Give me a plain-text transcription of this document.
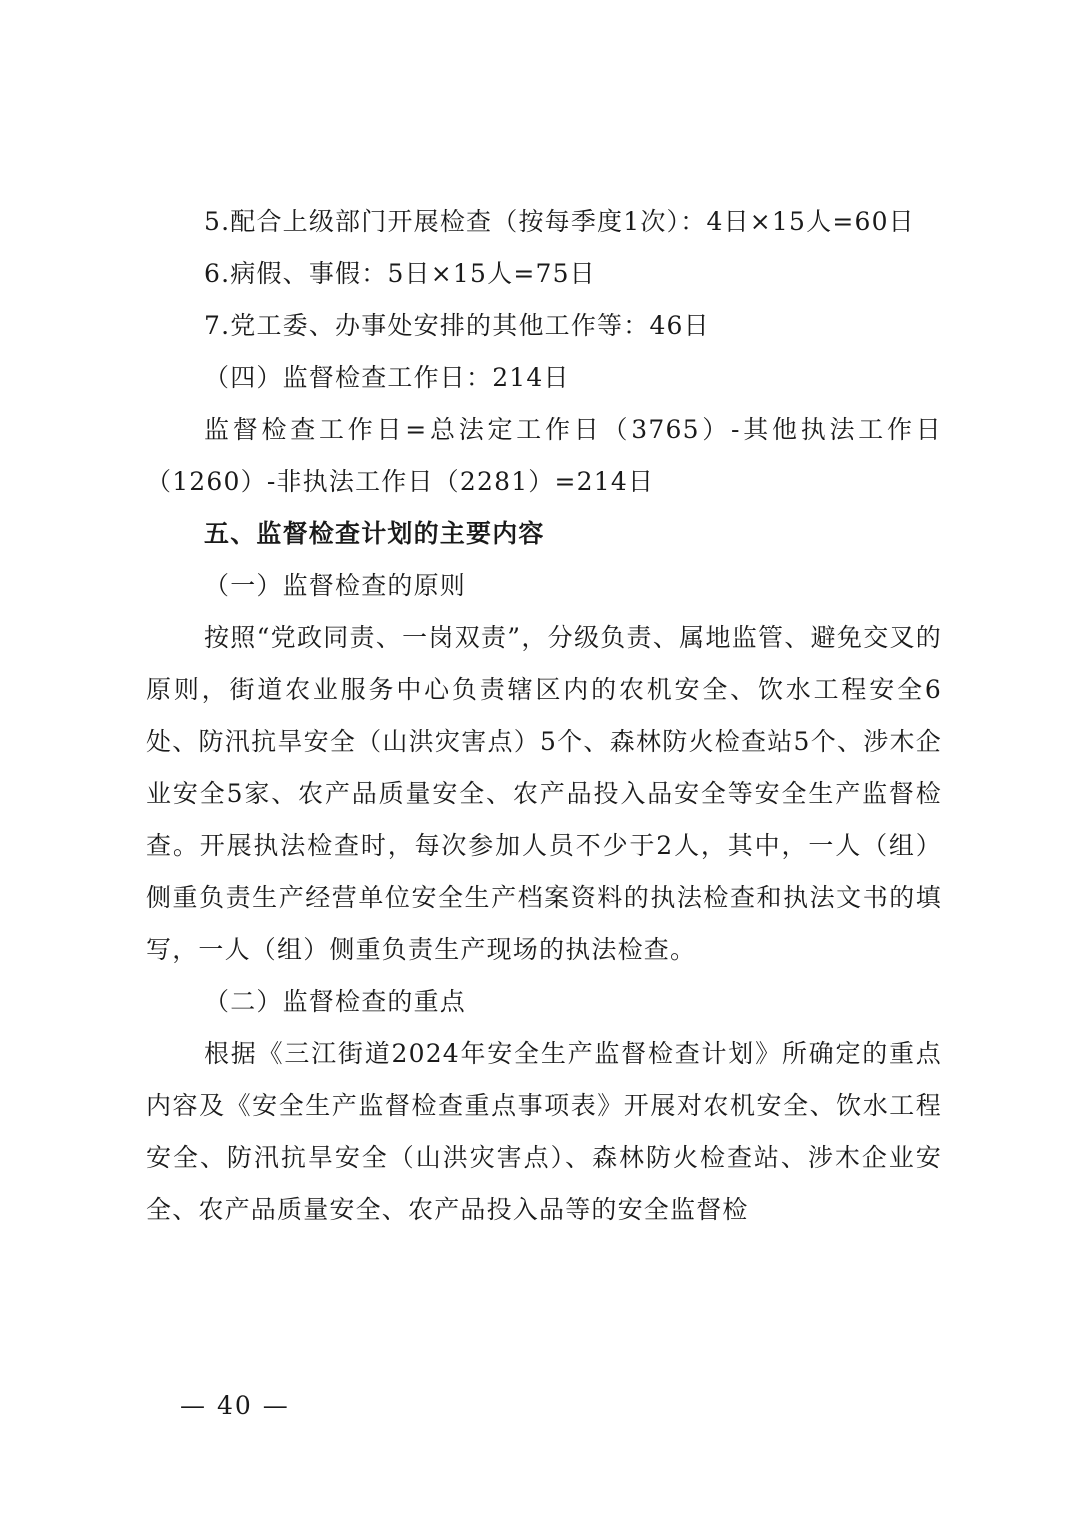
5.配合上级部门开展检查（按每季度1次）：4日×15人=60日

6.病假、事假：5日×15人=75日

7.党工委、办事处安排的其他工作等：46日

（四）监督检查工作日：214日

监督检查工作日=总法定工作日（3765）-其他执法工作日（1260）-非执法工作日（2281）=214日

五、监督检查计划的主要内容

（一）监督检查的原则

按照“党政同责、一岗双责”，分级负责、属地监管、避免交叉的原则，街道农业服务中心负责辖区内的农机安全、饮水工程安全6处、防汛抗旱安全（山洪灾害点）5个、森林防火检查站5个、涉木企业安全5家、农产品质量安全、农产品投入品安全等安全生产监督检查。开展执法检查时，每次参加人员不少于2人，其中，一人（组）侧重负责生产经营单位安全生产档案资料的执法检查和执法文书的填写，一人（组）侧重负责生产现场的执法检查。

（二）监督检查的重点

根据《三江街道2024年安全生产监督检查计划》所确定的重点内容及《安全生产监督检查重点事项表》开展对农机安全、饮水工程安全、防汛抗旱安全（山洪灾害点）、森林防火检查站、涉木企业安全、农产品质量安全、农产品投入品等的安全监督检

— 40 —
